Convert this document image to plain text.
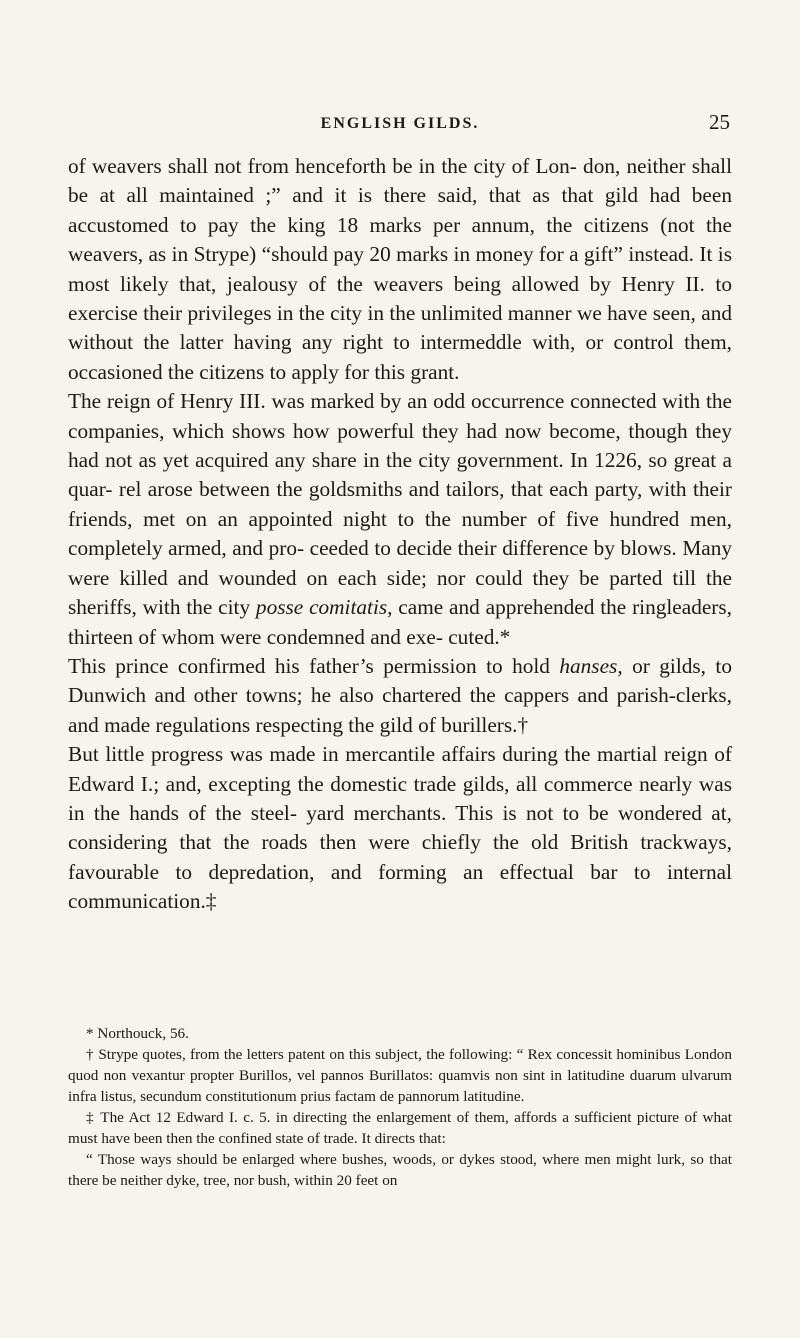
ENGLISH GILDS.	25

of weavers shall not from henceforth be in the city of Lon- don, neither shall be at all maintained ;” and it is there said, that as that gild had been accustomed to pay the king 18 marks per annum, the citizens (not the weavers, as in Strype) “should pay 20 marks in money for a gift” instead. It is most likely that, jealousy of the weavers being allowed by Henry II. to exercise their privileges in the city in the unlimited manner we have seen, and without the latter having any right to intermeddle with, or control them, occasioned the citizens to apply for this grant.

The reign of Henry III. was marked by an odd occurrence connected with the companies, which shows how powerful they had now become, though they had not as yet acquired any share in the city government. In 1226, so great a quar- rel arose between the goldsmiths and tailors, that each party, with their friends, met on an appointed night to the number of five hundred men, completely armed, and pro- ceeded to decide their difference by blows. Many were killed and wounded on each side; nor could they be parted till the sheriffs, with the city posse comitatis, came and apprehended the ringleaders, thirteen of whom were condemned and exe- cuted.*

This prince confirmed his father’s permission to hold hanses, or gilds, to Dunwich and other towns; he also chartered the cappers and parish-clerks, and made regulations respecting the gild of burillers.†

But little progress was made in mercantile affairs during the martial reign of Edward I.; and, excepting the domestic trade gilds, all commerce nearly was in the hands of the steel- yard merchants. This is not to be wondered at, considering that the roads then were chiefly the old British trackways, favourable to depredation, and forming an effectual bar to internal communication.‡

* Northouck, 56.

† Strype quotes, from the letters patent on this subject, the following: “ Rex concessit hominibus London quod non vexantur propter Burillos, vel pannos Burillatos: quamvis non sint in latitudine duarum ulvarum infra listus, secundum constitutionum prius factam de pannorum latitudine.

‡ The Act 12 Edward I. c. 5. in directing the enlargement of them, affords a sufficient picture of what must have been then the confined state of trade. It directs that:

“ Those ways should be enlarged where bushes, woods, or dykes stood, where men might lurk, so that there be neither dyke, tree, nor bush, within 20 feet on
